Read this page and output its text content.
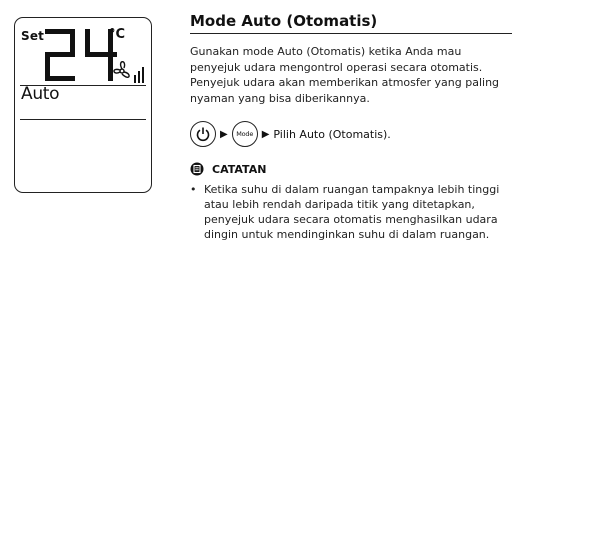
Set	°C
Auto
Mode Auto (Otomatis)

Gunakan mode Auto (Otomatis) ketika Anda mau penyejuk udara mengontrol operasi secara otomatis. Penyejuk udara akan memberikan atmosfer yang paling nyaman yang bisa diberikannya.

▶ Mode ▶ Pilih Auto (Otomatis).
CATATAN
• Ketika suhu di dalam ruangan tampaknya lebih tinggi atau lebih rendah daripada titik yang ditetapkan, penyejuk udara secara otomatis menghasilkan udara dingin untuk mendinginkan suhu di dalam ruangan.
